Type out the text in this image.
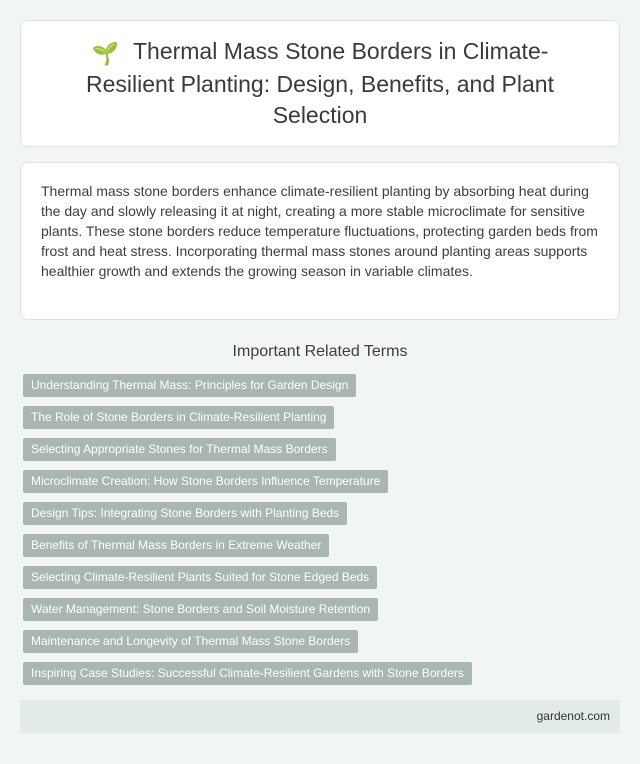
🌱 Thermal Mass Stone Borders in Climate-Resilient Planting: Design, Benefits, and Plant Selection

Thermal mass stone borders enhance climate-resilient planting by absorbing heat during the day and slowly releasing it at night, creating a more stable microclimate for sensitive plants. These stone borders reduce temperature fluctuations, protecting garden beds from frost and heat stress. Incorporating thermal mass stones around planting areas supports healthier growth and extends the growing season in variable climates.

Important Related Terms
Understanding Thermal Mass: Principles for Garden Design
The Role of Stone Borders in Climate-Resilient Planting
Selecting Appropriate Stones for Thermal Mass Borders
Microclimate Creation: How Stone Borders Influence Temperature
Design Tips: Integrating Stone Borders with Planting Beds
Benefits of Thermal Mass Borders in Extreme Weather
Selecting Climate-Resilient Plants Suited for Stone Edged Beds
Water Management: Stone Borders and Soil Moisture Retention
Maintenance and Longevity of Thermal Mass Stone Borders
Inspiring Case Studies: Successful Climate-Resilient Gardens with Stone Borders
gardenot.com
